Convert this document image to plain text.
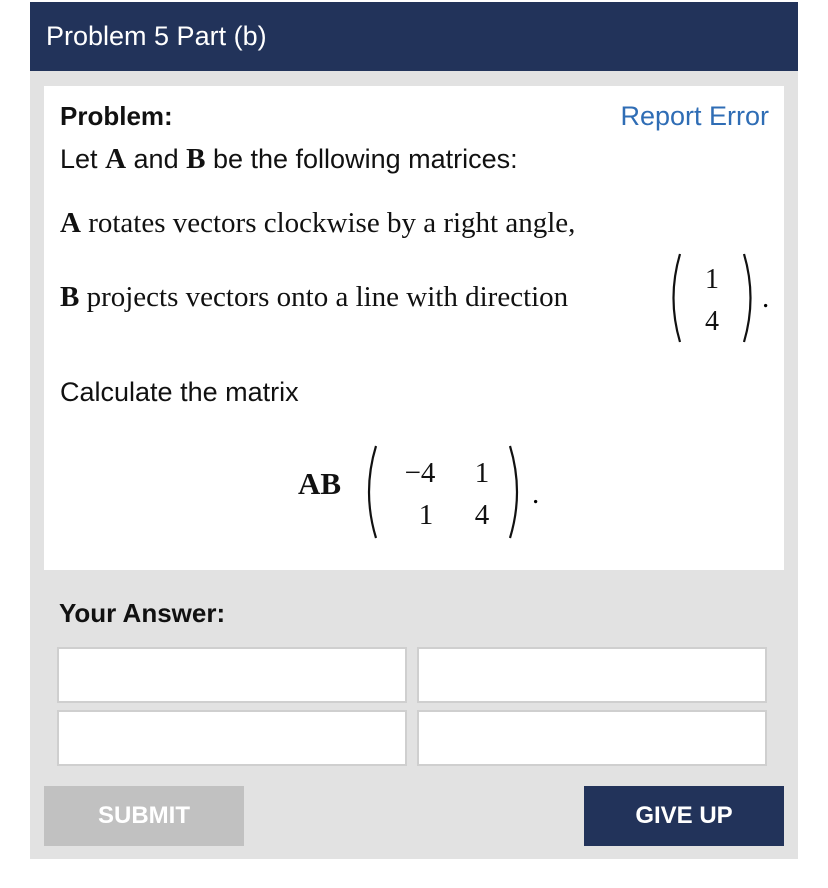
Problem 5 Part (b)
Problem:	Report Error
Let A and B be the following matrices:
A rotates vectors clockwise by a right angle,
B projects vectors onto a line with direction
1
4
.
Calculate the matrix
AB −4 1
1 4
.
Your Answer:
SUBMIT	GIVE UP
